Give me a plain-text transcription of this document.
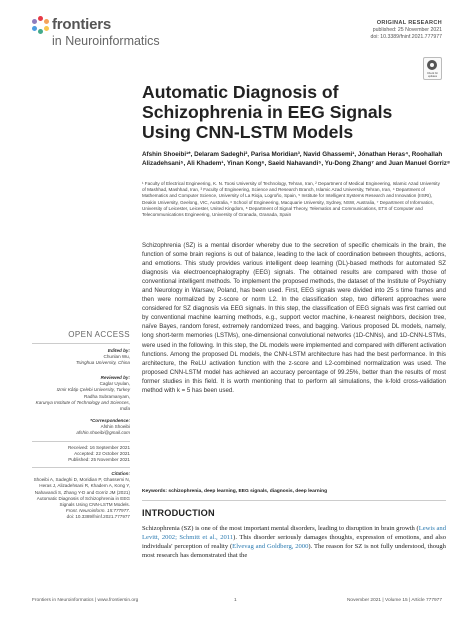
frontiers
in Neuroinformatics
ORIGINAL RESEARCH
published: 25 November 2021
doi: 10.3389/fninf.2021.777977
Check for updates
Automatic Diagnosis of Schizophrenia in EEG Signals Using CNN-LSTM Models
Afshin Shoeibi¹*, Delaram Sadeghi², Parisa Moridian³, Navid Ghassemi¹, Jónathan Heras⁴, Roohallah Alizadehsani⁵, Ali Khadem¹, Yinan Kong⁶, Saeid Nahavandi⁵, Yu-Dong Zhang⁷ and Juan Manuel Gorriz⁸
¹ Faculty of Electrical Engineering, K. N. Toosi University of Technology, Tehran, Iran, ² Department of Medical Engineering, Islamic Azad University of Mashhad, Mashhad, Iran, ³ Faculty of Engineering, Science and Research Branch, Islamic Azad University, Tehran, Iran, ⁴ Department of Mathematics and Computer Science, University of La Rioja, Logroño, Spain, ⁵ Institute for Intelligent Systems Research and Innovation (IISRI), Deakin University, Geelong, VIC, Australia, ⁶ School of Engineering, Macquarie University, Sydney, NSW, Australia, ⁷ Department of Informatics, University of Leicester, Leicester, United Kingdom, ⁸ Department of Signal Theory, Telematics and Communications, ETS of Computer and Telecommunications Engineering, University of Granada, Granada, Spain
Schizophrenia (SZ) is a mental disorder whereby due to the secretion of specific chemicals in the brain, the function of some brain regions is out of balance, leading to the lack of coordination between thoughts, actions, and emotions. This study provides various intelligent deep learning (DL)-based methods for automated SZ diagnosis via electroencephalography (EEG) signals. The obtained results are compared with those of conventional intelligent methods. To implement the proposed methods, the dataset of the Institute of Psychiatry and Neurology in Warsaw, Poland, has been used. First, EEG signals were divided into 25 s time frames and then were normalized by z-score or norm L2. In the classification step, two different approaches were considered for SZ diagnosis via EEG signals. In this step, the classification of EEG signals was first carried out by conventional machine learning methods, e.g., support vector machine, k-nearest neighbors, decision tree, naïve Bayes, random forest, extremely randomized trees, and bagging. Various proposed DL models, namely, long short-term memories (LSTMs), one-dimensional convolutional networks (1D-CNNs), and 1D-CNN-LSTMs, were used in the following. In this step, the DL models were implemented and compared with different activation functions. Among the proposed DL models, the CNN-LSTM architecture has had the best performance. In this architecture, the ReLU activation function with the z-score and L2-combined normalization was used. The proposed CNN-LSTM model has achieved an accuracy percentage of 99.25%, better than the results of most former studies in this field. It is worth mentioning that to perform all simulations, the k-fold cross-validation method with k = 5 has been used.
Keywords: schizophrenia, deep learning, EEG signals, diagnosis, deep learning
INTRODUCTION
Schizophrenia (SZ) is one of the most important mental disorders, leading to disruption in brain growth (Lewis and Levitt, 2002; Schmitt et al., 2011). This disorder seriously damages thoughts, expression of emotions, and also individuals' perception of reality (Elvevag and Goldberg, 2000). The reason for SZ is not fully understood, though most research has demonstrated that the
OPEN ACCESS
Edited by:
Chunlan Wu,
Tsinghua University, China
Reviewed by:
Caglar Uyulan,
Izmir Kâtip Çelebi University, Turkey
Radha Subramanyam,
Karunya Institute of Technology and Sciences, India
*Correspondence:
Afshin Shoeibi
afshin.shoeibi@gmail.com
Received: 16 September 2021
Accepted: 22 October 2021
Published: 25 November 2021
Citation:
Shoeibi A, Sadeghi D, Moridian P, Ghassemi N, Heras J, Alizadehsani R, Khadem A, Kong Y, Nahavandi S, Zhang Y-D and Gorriz JM (2021) Automatic Diagnosis of Schizophrenia in EEG Signals Using CNN-LSTM Models.
Front. Neuroinform. 15:777977.
doi: 10.3389/fninf.2021.777977
Frontiers in Neuroinformatics | www.frontiersin.org	1	November 2021 | Volume 15 | Article 777977
